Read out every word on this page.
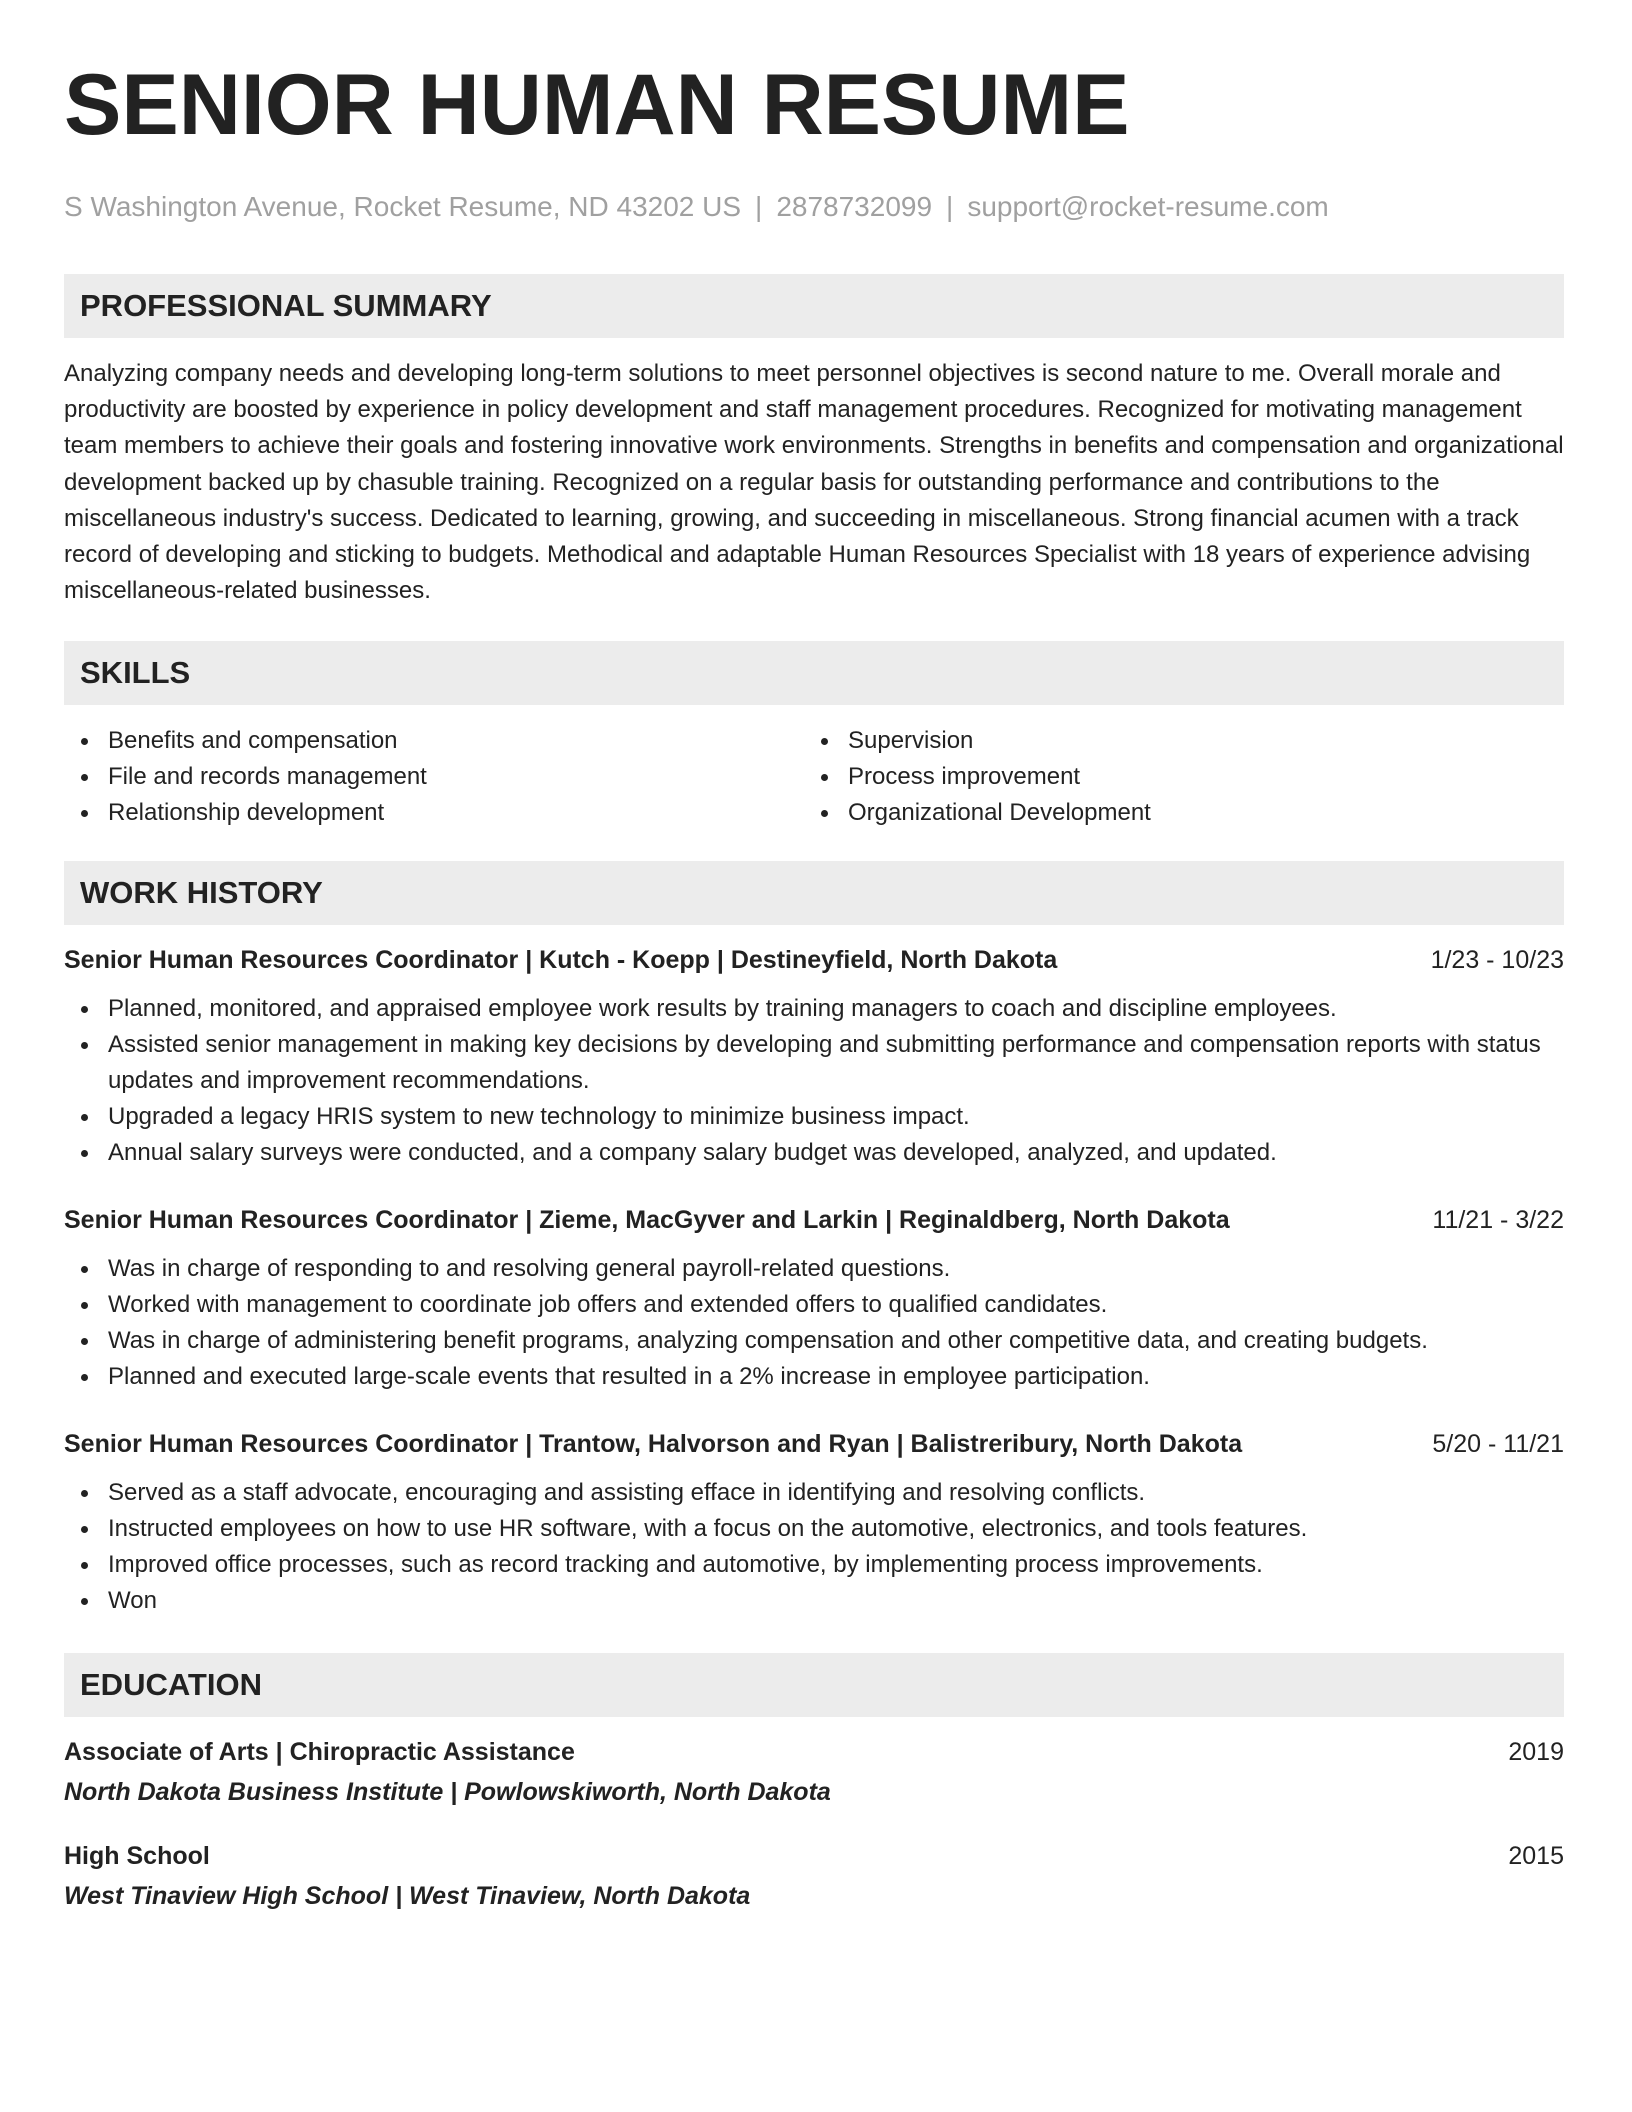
SENIOR HUMAN RESUME
S Washington Avenue, Rocket Resume, ND 43202 US | 2878732099 | support@rocket-resume.com
PROFESSIONAL SUMMARY

Analyzing company needs and developing long-term solutions to meet personnel objectives is second nature to me. Overall morale and productivity are boosted by experience in policy development and staff management procedures. Recognized for motivating management team members to achieve their goals and fostering innovative work environments. Strengths in benefits and compensation and organizational development backed up by chasuble training. Recognized on a regular basis for outstanding performance and contributions to the miscellaneous industry's success. Dedicated to learning, growing, and succeeding in miscellaneous. Strong financial acumen with a track record of developing and sticking to budgets. Methodical and adaptable Human Resources Specialist with 18 years of experience advising miscellaneous-related businesses.

SKILLS
Benefits and compensation
File and records management
Relationship development
Supervision
Process improvement
Organizational Development
WORK HISTORY
Senior Human Resources Coordinator | Kutch - Koepp | Destineyfield, North Dakota	1/23 - 10/23
Planned, monitored, and appraised employee work results by training managers to coach and discipline employees.
Assisted senior management in making key decisions by developing and submitting performance and compensation reports with status updates and improvement recommendations.
Upgraded a legacy HRIS system to new technology to minimize business impact.
Annual salary surveys were conducted, and a company salary budget was developed, analyzed, and updated.
Senior Human Resources Coordinator | Zieme, MacGyver and Larkin | Reginaldberg, North Dakota	11/21 - 3/22
Was in charge of responding to and resolving general payroll-related questions.
Worked with management to coordinate job offers and extended offers to qualified candidates.
Was in charge of administering benefit programs, analyzing compensation and other competitive data, and creating budgets.
Planned and executed large-scale events that resulted in a 2% increase in employee participation.
Senior Human Resources Coordinator | Trantow, Halvorson and Ryan | Balistreribury, North Dakota	5/20 - 11/21
Served as a staff advocate, encouraging and assisting efface in identifying and resolving conflicts.
Instructed employees on how to use HR software, with a focus on the automotive, electronics, and tools features.
Improved office processes, such as record tracking and automotive, by implementing process improvements.
Won
EDUCATION
Associate of Arts | Chiropractic Assistance	2019
North Dakota Business Institute | Powlowskiworth, North Dakota
High School	2015
West Tinaview High School | West Tinaview, North Dakota
